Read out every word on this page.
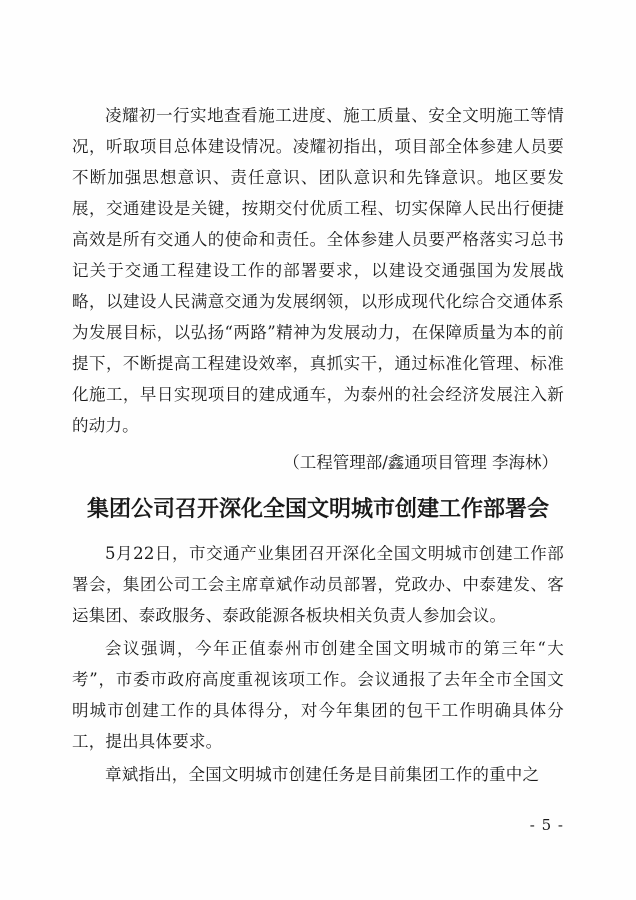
凌耀初一行实地查看施工进度、施工质量、安全文明施工等情况，听取项目总体建设情况。凌耀初指出，项目部全体参建人员要不断加强思想意识、责任意识、团队意识和先锋意识。地区要发展，交通建设是关键，按期交付优质工程、切实保障人民出行便捷高效是所有交通人的使命和责任。全体参建人员要严格落实习总书记关于交通工程建设工作的部署要求，以建设交通强国为发展战略，以建设人民满意交通为发展纲领，以形成现代化综合交通体系为发展目标，以弘扬“两路”精神为发展动力，在保障质量为本的前提下，不断提高工程建设效率，真抓实干，通过标准化管理、标准化施工，早日实现项目的建成通车，为泰州的社会经济发展注入新的动力。

（工程管理部/鑫通项目管理 李海林）

集团公司召开深化全国文明城市创建工作部署会

5月22日，市交通产业集团召开深化全国文明城市创建工作部署会，集团公司工会主席章斌作动员部署，党政办、中泰建发、客运集团、泰政服务、泰政能源各板块相关负责人参加会议。

会议强调，今年正值泰州市创建全国文明城市的第三年“大考”，市委市政府高度重视该项工作。会议通报了去年全市全国文明城市创建工作的具体得分，对今年集团的包干工作明确具体分工，提出具体要求。

章斌指出，全国文明城市创建任务是目前集团工作的重中之

- 5 -
